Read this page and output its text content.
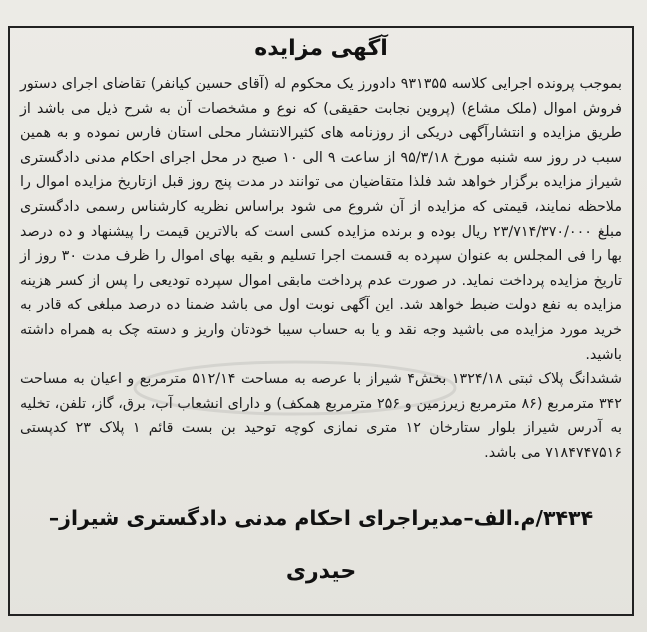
آگهی مزایده

بموجب پرونده اجرایی کلاسه ۹۳۱۳۵۵ دادورز یک محکوم له (آقای حسین کیانفر) تقاضای اجرای دستور فروش اموال (ملک مشاع) (پروین نجابت حقیقی) که نوع و مشخصات آن به شرح ذیل می باشد از طریق مزایده و انتشارآگهی دریکی از روزنامه های کثیرالانتشار محلی استان فارس نموده و به همین سبب در روز سه شنبه مورخ ۹۵/۳/۱۸ از ساعت ۹ الی ۱۰ صبح در محل اجرای احکام مدنی دادگستری شیراز مزایده برگزار خواهد شد فلذا متقاضیان می توانند در مدت پنج روز قبل ازتاریخ مزایده اموال را ملاحظه نمایند، قیمتی که مزایده از آن شروع می شود براساس نظریه کارشناس رسمی دادگستری مبلغ ۲۳/۷۱۴/۳۷۰/۰۰۰ ریال بوده و برنده مزایده کسی است که بالاترین قیمت را پیشنهاد و ده درصد بها را فی المجلس به عنوان سپرده به قسمت اجرا تسلیم و بقیه بهای اموال را ظرف مدت ۳۰ روز از تاریخ مزایده پرداخت نماید. در صورت عدم پرداخت مابقی اموال سپرده تودیعی را پس از کسر هزینه مزایده به نفع دولت ضبط خواهد شد. این آگهی نوبت اول می باشد ضمنا ده درصد مبلغی که قادر به خرید مورد مزایده می باشید وجه نقد و یا به حساب سیبا خودتان واریز و دسته چک به همراه داشته باشید.

ششدانگ پلاک ثبتی ۱۳۲۴/۱۸ بخش۴ شیراز با عرصه به مساحت ۵۱۲/۱۴ مترمربع و اعیان به مساحت ۳۴۲ مترمربع (۸۶ مترمربع زیرزمین و ۲۵۶ مترمربع همکف) و دارای انشعاب آب، برق، گاز، تلفن، تخلیه به آدرس شیراز بلوار ستارخان ۱۲ متری نمازی کوچه توحید بن بست قائم ۱ پلاک ۲۳ کدپستی ۷۱۸۴۷۴۷۵۱۶ می باشد.

۳۴۳۴/م.الف–مدیراجرای احکام مدنی دادگستری شیراز–
حیدری
